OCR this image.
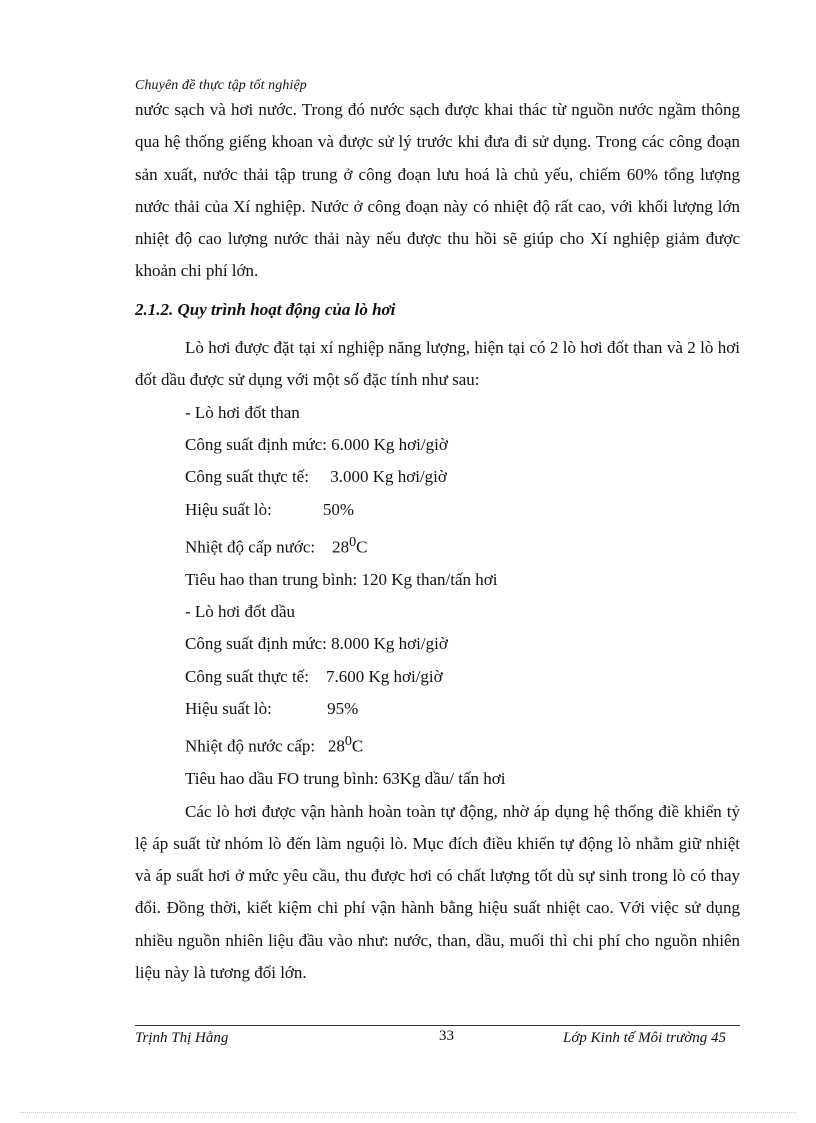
Chuyên đề thực tập tốt nghiệp

nước sạch và hơi nước. Trong đó nước sạch được khai thác từ nguồn nước ngầm thông qua hệ thống giếng khoan và được sử lý trước khi đưa đi sử dụng. Trong các công đoạn sản xuất, nước thải tập trung ở công đoạn lưu hoá là chủ yếu, chiếm 60% tổng lượng nước thải của Xí nghiệp. Nước ở công đoạn này có nhiệt độ rất cao, với khối lượng lớn nhiệt độ cao lượng nước thải này nếu được thu hồi sẽ giúp cho Xí nghiệp giảm được khoản chi phí lớn.

2.1.2. Quy trình hoạt động của lò hơi

Lò hơi được đặt tại xí nghiệp năng lượng, hiện tại có 2 lò hơi đốt than và 2 lò hơi đốt dầu được sử dụng với một số đặc tính như sau:

- Lò hơi đốt than
Công suất định mức: 6.000 Kg hơi/giờ
Công suất thực tế:     3.000 Kg hơi/giờ
Hiệu suất lò:            50%
Nhiệt độ cấp nước:    $28^0C$
Tiêu hao than trung bình: 120 Kg than/tấn hơi
- Lò hơi đốt dầu
Công suất định mức: 8.000 Kg hơi/giờ
Công suất thực tế:    7.600 Kg hơi/giờ
Hiệu suất lò:             95%
Nhiệt độ nước cấp:   $28^0C$
Tiêu hao dầu FO trung bình: 63Kg dầu/ tấn hơi

Các lò hơi được vận hành hoàn toàn tự động, nhờ áp dụng hệ thống điề khiển tỷ lệ áp suất từ nhóm lò đến làm nguội lò. Mục đích điều khiển tự động lò nhằm giữ nhiệt và áp suất hơi ở mức yêu cầu, thu được hơi có chất lượng tốt dù sự sinh trong lò có thay đổi. Đồng thời, kiết kiệm chi phí vận hành bằng hiệu suất nhiệt cao. Với việc sử dụng nhiều nguồn nhiên liệu đầu vào như: nước, than, dầu, muối thì chi phí cho nguồn nhiên liệu này là tương đối lớn.

Trịnh Thị Hằng	33	Lớp Kinh tế Môi trường 45
